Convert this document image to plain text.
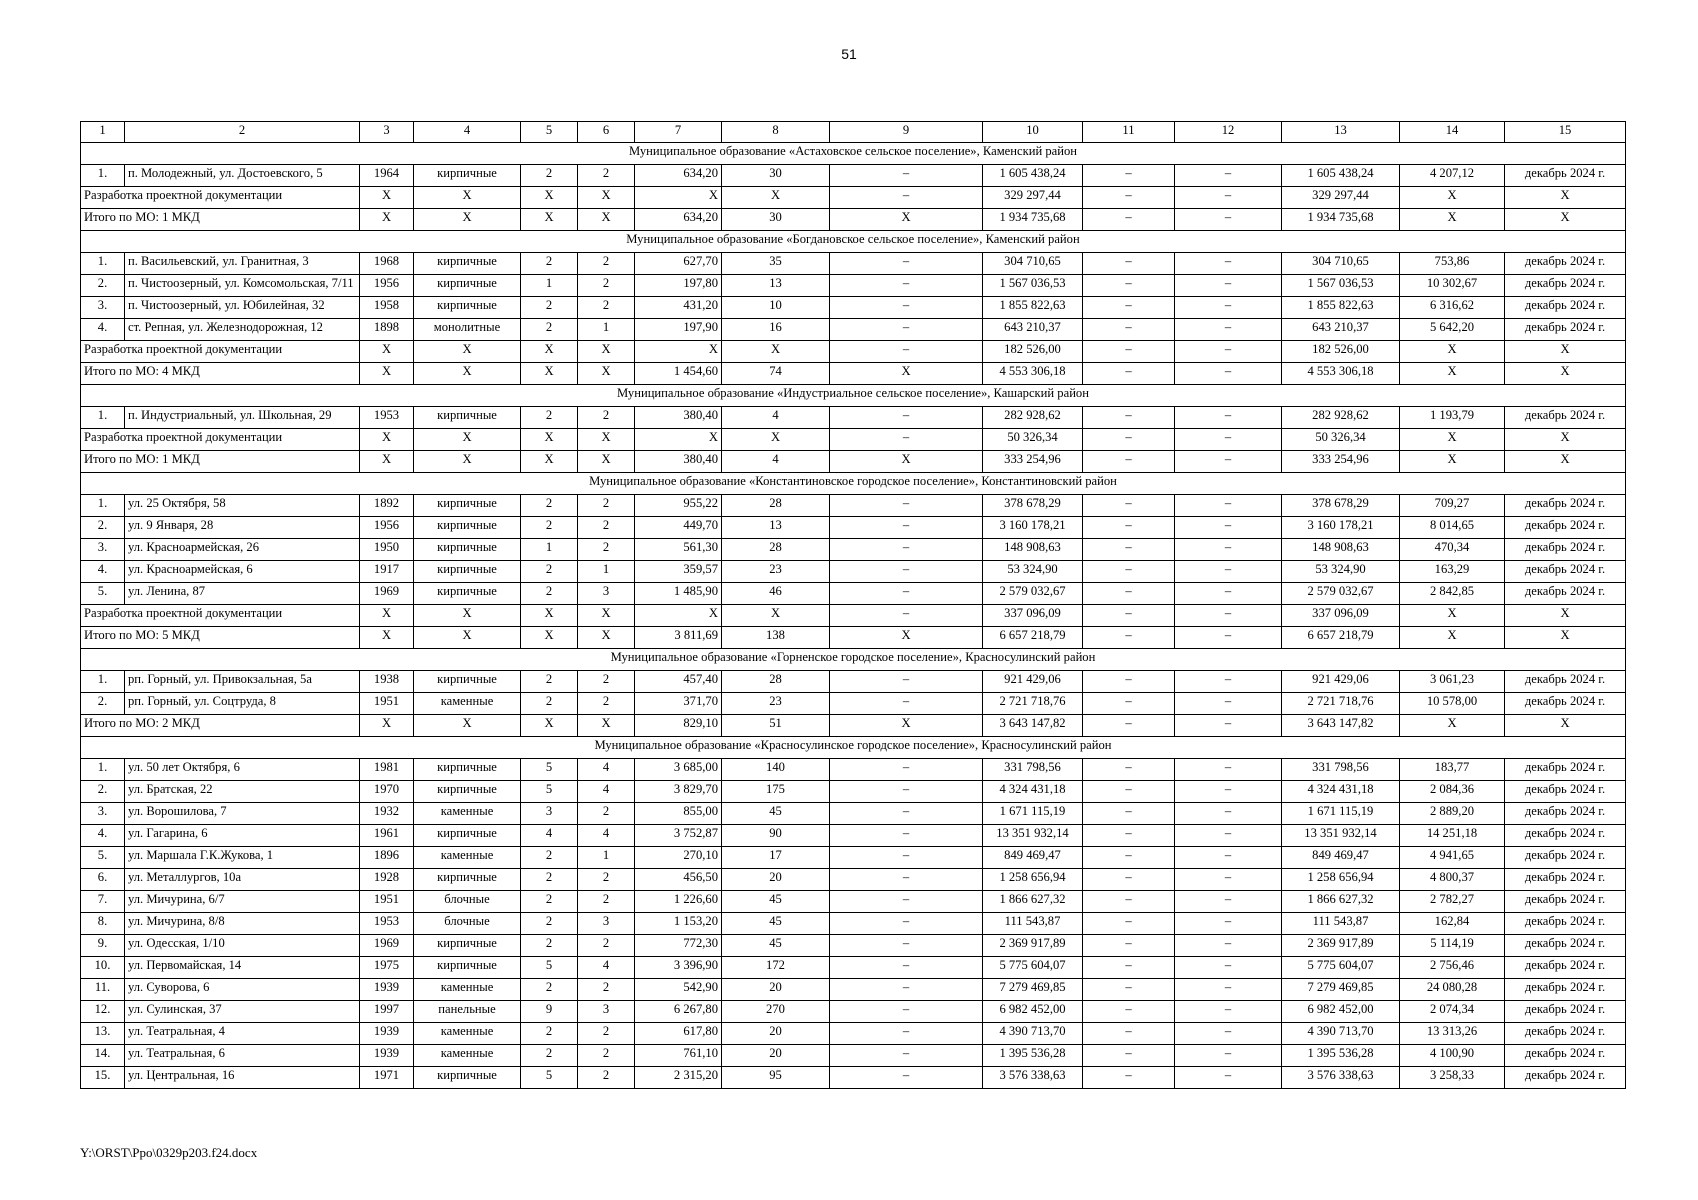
51
1	2	3	4	5	6	7	8	9	10	11	12	13	14	15
Муниципальное образование «Астаховское сельское поселение», Каменский район														
1.	п. Молодежный, ул. Достоевского, 5	1964	кирпичные	2	2	634,20	30	–	1 605 438,24	–	–	1 605 438,24	4 207,12	декабрь 2024 г.
Разработка проектной документации		X	X	X	X	X	X	–	329 297,44	–	–	329 297,44	X	X
Итого по МО: 1 МКД		X	X	X	X	634,20	30	X	1 934 735,68	–	–	1 934 735,68	X	X
Муниципальное образование «Богдановское сельское поселение», Каменский район														
1.	п. Васильевский, ул. Гранитная, 3	1968	кирпичные	2	2	627,70	35	–	304 710,65	–	–	304 710,65	753,86	декабрь 2024 г.
2.	п. Чистоозерный, ул. Комсомольская, 7/11	1956	кирпичные	1	2	197,80	13	–	1 567 036,53	–	–	1 567 036,53	10 302,67	декабрь 2024 г.
3.	п. Чистоозерный, ул. Юбилейная, 32	1958	кирпичные	2	2	431,20	10	–	1 855 822,63	–	–	1 855 822,63	6 316,62	декабрь 2024 г.
4.	ст. Репная, ул. Железнодорожная, 12	1898	монолитные	2	1	197,90	16	–	643 210,37	–	–	643 210,37	5 642,20	декабрь 2024 г.
Разработка проектной документации		X	X	X	X	X	X	–	182 526,00	–	–	182 526,00	X	X
Итого по МО: 4 МКД		X	X	X	X	1 454,60	74	X	4 553 306,18	–	–	4 553 306,18	X	X
Муниципальное образование «Индустриальное сельское поселение», Кашарский район														
1.	п. Индустриальный, ул. Школьная, 29	1953	кирпичные	2	2	380,40	4	–	282 928,62	–	–	282 928,62	1 193,79	декабрь 2024 г.
Разработка проектной документации		X	X	X	X	X	X	–	50 326,34	–	–	50 326,34	X	X
Итого по МО: 1 МКД		X	X	X	X	380,40	4	X	333 254,96	–	–	333 254,96	X	X
Муниципальное образование «Константиновское городское поселение», Константиновский район														
1.	ул. 25 Октября, 58	1892	кирпичные	2	2	955,22	28	–	378 678,29	–	–	378 678,29	709,27	декабрь 2024 г.
2.	ул. 9 Января, 28	1956	кирпичные	2	2	449,70	13	–	3 160 178,21	–	–	3 160 178,21	8 014,65	декабрь 2024 г.
3.	ул. Красноармейская, 26	1950	кирпичные	1	2	561,30	28	–	148 908,63	–	–	148 908,63	470,34	декабрь 2024 г.
4.	ул. Красноармейская, 6	1917	кирпичные	2	1	359,57	23	–	53 324,90	–	–	53 324,90	163,29	декабрь 2024 г.
5.	ул. Ленина, 87	1969	кирпичные	2	3	1 485,90	46	–	2 579 032,67	–	–	2 579 032,67	2 842,85	декабрь 2024 г.
Разработка проектной документации		X	X	X	X	X	X	–	337 096,09	–	–	337 096,09	X	X
Итого по МО: 5 МКД		X	X	X	X	3 811,69	138	X	6 657 218,79	–	–	6 657 218,79	X	X
Муниципальное образование «Горненское городское поселение», Красносулинский район														
1.	рп. Горный, ул. Привокзальная, 5а	1938	кирпичные	2	2	457,40	28	–	921 429,06	–	–	921 429,06	3 061,23	декабрь 2024 г.
2.	рп. Горный, ул. Соцтруда, 8	1951	каменные	2	2	371,70	23	–	2 721 718,76	–	–	2 721 718,76	10 578,00	декабрь 2024 г.
Итого по МО: 2 МКД		X	X	X	X	829,10	51	X	3 643 147,82	–	–	3 643 147,82	X	X
Муниципальное образование «Красносулинское городское поселение», Красносулинский район														
1.	ул. 50 лет Октября, 6	1981	кирпичные	5	4	3 685,00	140	–	331 798,56	–	–	331 798,56	183,77	декабрь 2024 г.
2.	ул. Братская, 22	1970	кирпичные	5	4	3 829,70	175	–	4 324 431,18	–	–	4 324 431,18	2 084,36	декабрь 2024 г.
3.	ул. Ворошилова, 7	1932	каменные	3	2	855,00	45	–	1 671 115,19	–	–	1 671 115,19	2 889,20	декабрь 2024 г.
4.	ул. Гагарина, 6	1961	кирпичные	4	4	3 752,87	90	–	13 351 932,14	–	–	13 351 932,14	14 251,18	декабрь 2024 г.
5.	ул. Маршала Г.К.Жукова, 1	1896	каменные	2	1	270,10	17	–	849 469,47	–	–	849 469,47	4 941,65	декабрь 2024 г.
6.	ул. Металлургов, 10а	1928	кирпичные	2	2	456,50	20	–	1 258 656,94	–	–	1 258 656,94	4 800,37	декабрь 2024 г.
7.	ул. Мичурина, 6/7	1951	блочные	2	2	1 226,60	45	–	1 866 627,32	–	–	1 866 627,32	2 782,27	декабрь 2024 г.
8.	ул. Мичурина, 8/8	1953	блочные	2	3	1 153,20	45	–	111 543,87	–	–	111 543,87	162,84	декабрь 2024 г.
9.	ул. Одесская, 1/10	1969	кирпичные	2	2	772,30	45	–	2 369 917,89	–	–	2 369 917,89	5 114,19	декабрь 2024 г.
10.	ул. Первомайская, 14	1975	кирпичные	5	4	3 396,90	172	–	5 775 604,07	–	–	5 775 604,07	2 756,46	декабрь 2024 г.
11.	ул. Суворова, 6	1939	каменные	2	2	542,90	20	–	7 279 469,85	–	–	7 279 469,85	24 080,28	декабрь 2024 г.
12.	ул. Сулинская, 37	1997	панельные	9	3	6 267,80	270	–	6 982 452,00	–	–	6 982 452,00	2 074,34	декабрь 2024 г.
13.	ул. Театральная, 4	1939	каменные	2	2	617,80	20	–	4 390 713,70	–	–	4 390 713,70	13 313,26	декабрь 2024 г.
14.	ул. Театральная, 6	1939	каменные	2	2	761,10	20	–	1 395 536,28	–	–	1 395 536,28	4 100,90	декабрь 2024 г.
15.	ул. Центральная, 16	1971	кирпичные	5	2	2 315,20	95	–	3 576 338,63	–	–	3 576 338,63	3 258,33	декабрь 2024 г.
Y:\ORST\Ppo\0329p203.f24.docx
